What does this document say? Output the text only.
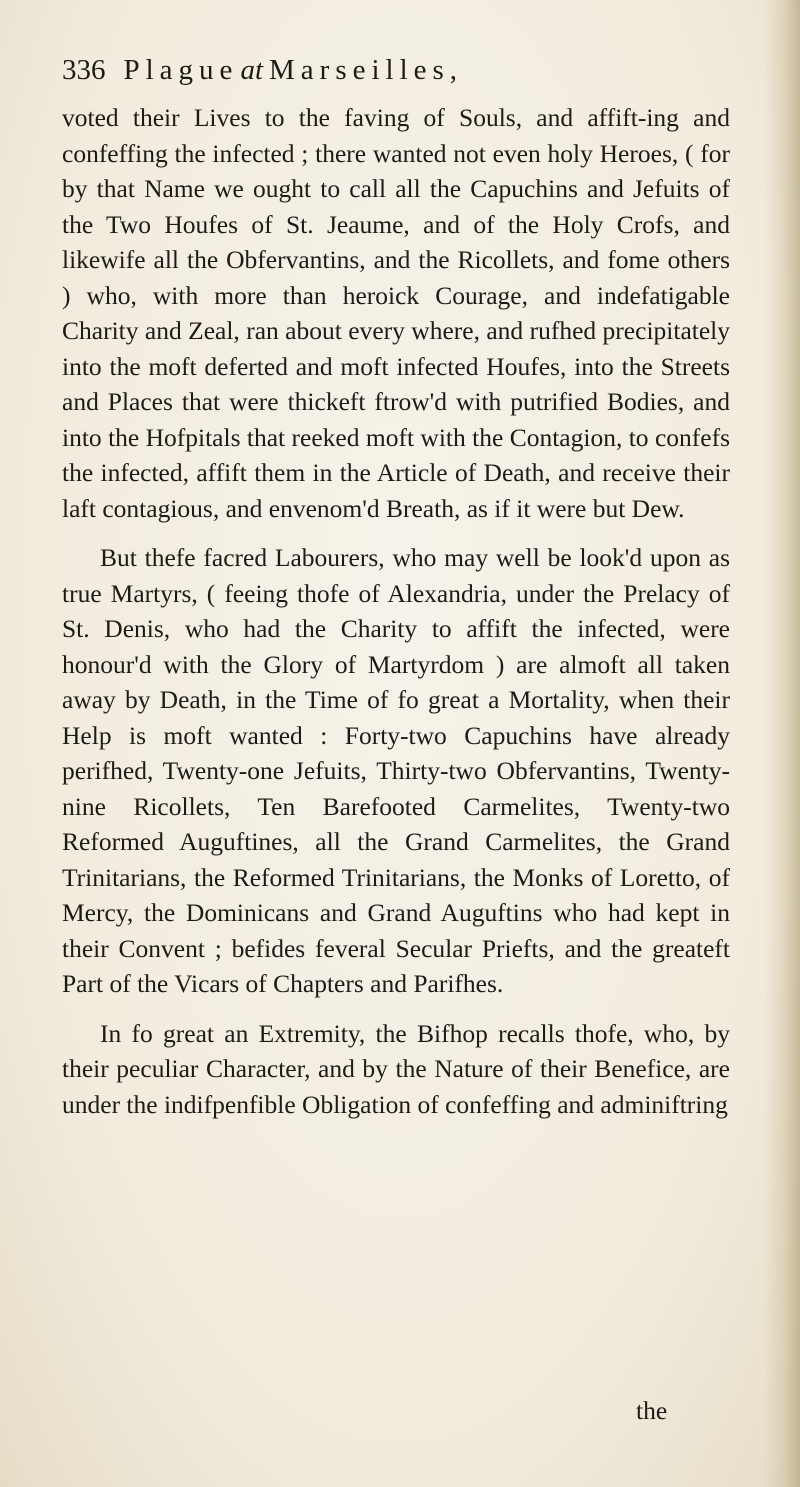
336 Plagueat Marseilles,

voted their Lives to the faving of Souls, and affift-ing and confeffing the infected ; there wanted not even holy Heroes, ( for by that Name we ought to call all the Capuchins and Jefuits of the Two Houfes of St. Jeaume, and of the Holy Crofs, and likewife all the Obfervantins, and the Ricollets, and fome others ) who, with more than heroick Courage, and indefatigable Charity and Zeal, ran about every where, and rufhed precipitately into the moft deferted and moft infected Houfes, into the Streets and Places that were thickeft ftrow'd with putrified Bodies, and into the Hofpitals that reeked moft with the Contagion, to confefs the infected, affift them in the Article of Death, and receive their laft contagious, and envenom'd Breath, as if it were but Dew.

But thefe facred Labourers, who may well be look'd upon as true Martyrs, ( feeing thofe of Alexandria, under the Prelacy of St. Denis, who had the Charity to affift the infected, were honour'd with the Glory of Martyrdom ) are almoft all taken away by Death, in the Time of fo great a Mortality, when their Help is moft wanted : Forty-two Capuchins have already perifhed, Twenty-one Jefuits, Thirty-two Obfervantins, Twenty-nine Ricollets, Ten Barefooted Carmelites, Twenty-two Reformed Auguftines, all the Grand Carmelites, the Grand Trinitarians, the Reformed Trinitarians, the Monks of Loretto, of Mercy, the Dominicans and Grand Auguftins who had kept in their Convent ; befides feveral Secular Priefts, and the greateft Part of the Vicars of Chapters and Parifhes.

In fo great an Extremity, the Bifhop recalls thofe, who, by their peculiar Character, and by the Nature of their Benefice, are under the indifpenfible Obligation of confeffing and adminiftring

the
